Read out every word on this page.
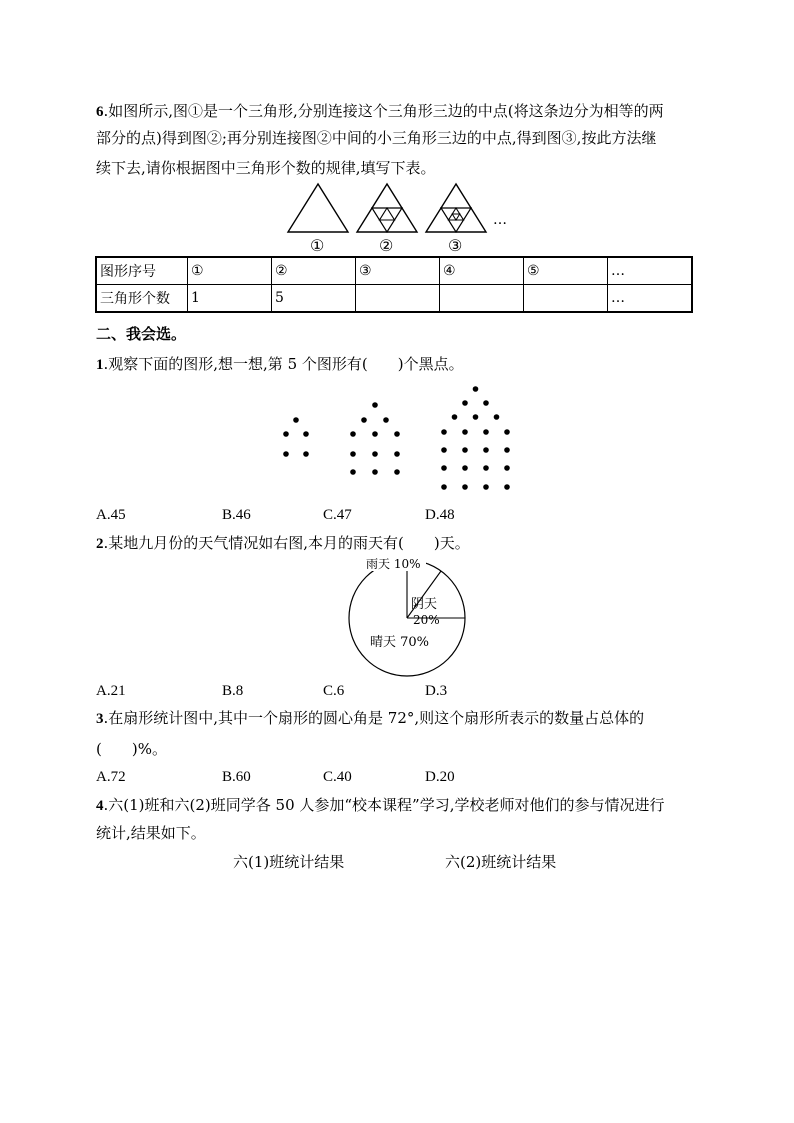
6.如图所示,图①是一个三角形,分别连接这个三角形三边的中点(将这条边分为相等的两
部分的点)得到图②;再分别连接图②中间的小三角形三边的中点,得到图③,按此方法继
续下去,请你根据图中三角形个数的规律,填写下表。
…
①	②	③
图形序号	①	②	③	④	⑤	…
三角形个数	1	5				…
二、我会选。
1.观察下面的图形,想一想,第 5 个图形有(　　)个黑点。
A.45	B.46	C.47	D.48
2.某地九月份的天气情况如右图,本月的雨天有(　　)天。
雨天 10%
阴天
20%
晴天 70%
A.21	B.8	C.6	D.3
3.在扇形统计图中,其中一个扇形的圆心角是 72°,则这个扇形所表示的数量占总体的
(　　)%。
A.72	B.60	C.40	D.20
4.六(1)班和六(2)班同学各 50 人参加“校本课程”学习,学校老师对他们的参与情况进行
统计,结果如下。
六(1)班统计结果	六(2)班统计结果
